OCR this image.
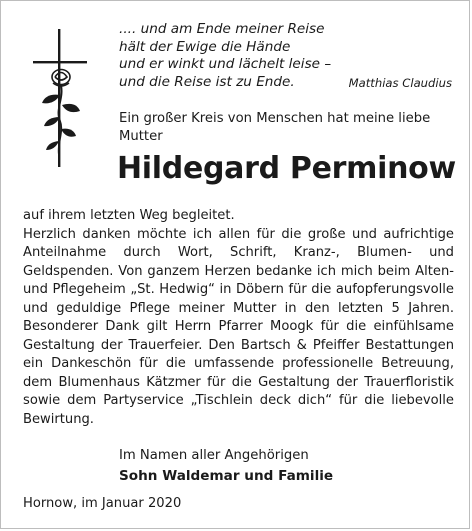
.... und am Ende meiner Reise
hält der Ewige die Hände
und er winkt und lächelt leise –
und die Reise ist zu Ende.	Matthias Claudius
Ein großer Kreis von Menschen hat meine liebe Mutter
Hildegard Perminow
auf ihrem letzten Weg begleitet.
Herzlich danken möchte ich allen für die große und aufrichtige Anteilnahme durch Wort, Schrift, Kranz-, Blumen- und Geldspenden. Von ganzem Herzen bedanke ich mich beim Alten- und Pflegeheim „St. Hedwig“ in Döbern für die aufopferungsvolle und geduldige Pflege meiner Mutter in den letzten 5 Jahren. Besonderer Dank gilt Herrn Pfarrer Moogk für die einfühlsame Gestaltung der Trauerfeier. Den Bartsch & Pfeiffer Bestattungen ein Dankeschön für die umfassende professionelle Betreuung, dem Blumenhaus Kätzmer für die Gestaltung der Trauerfloristik sowie dem Partyservice „Tischlein deck dich“ für die liebevolle Bewirtung.
Im Namen aller Angehörigen
Sohn Waldemar und Familie
Hornow, im Januar 2020
